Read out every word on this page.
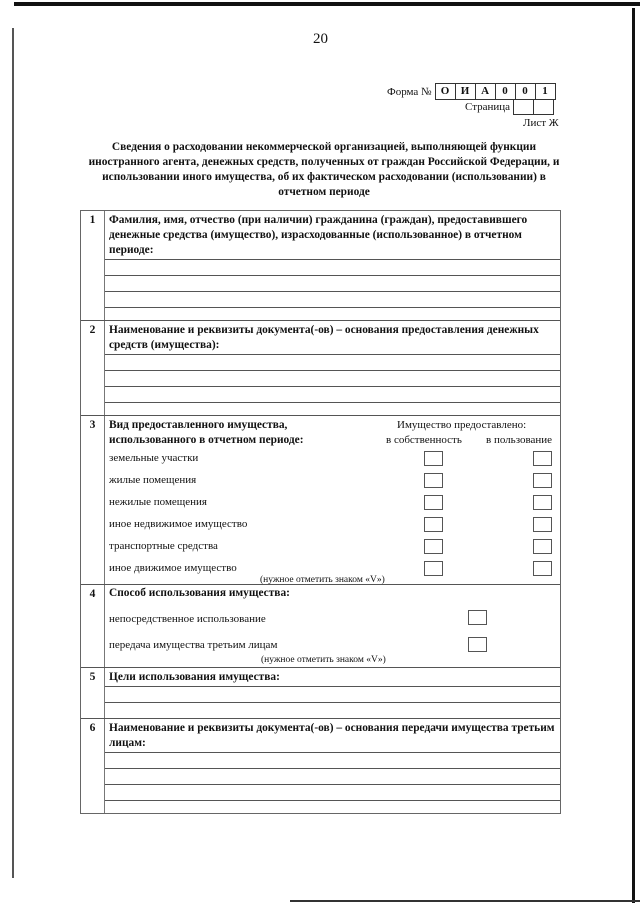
20
Форма № О	И	А	0	0	1
Страница
Лист Ж
Сведения о расходовании некоммерческой организацией, выполняющей функции иностранного агента, денежных средств, полученных от граждан Российской Федерации, и использовании иного имущества, об их фактическом расходовании (использовании) в отчетном периоде
1	Фамилия, имя, отчество (при наличии) гражданина (граждан), предоставившего денежные средства (имущество), израсходованные (использованное) в отчетном периоде:
2	Наименование и реквизиты документа(-ов) – основания предоставления денежных средств (имущества):
3	Вид предоставленного имущества,
использованного в отчетном периоде:
Имущество предоставлено:
в собственность в пользование
земельные участки
жилые помещения
нежилые помещения
иное недвижимое имущество
транспортные средства
иное движимое имущество
(нужное отметить знаком «V»)
4	Способ использования имущества:
непосредственное использование
передача имущества третьим лицам
(нужное отметить знаком «V»)
5	Цели использования имущества:
6	Наименование и реквизиты документа(-ов) – основания передачи имущества третьим лицам:
